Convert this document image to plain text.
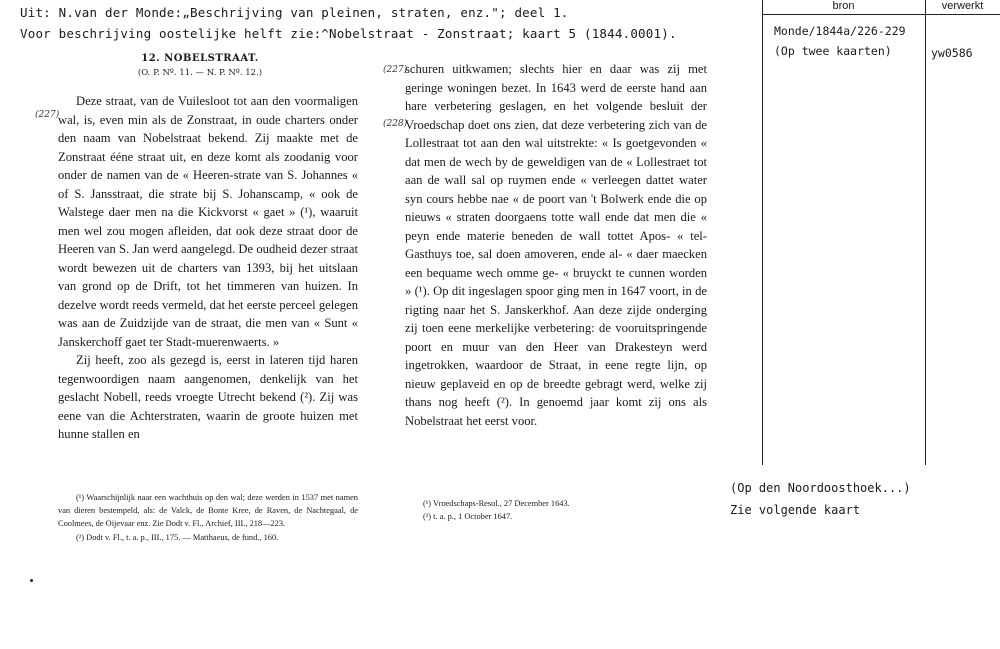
Uit: N.van der Monde:„Beschrijving van pleinen, straten, enz."; deel 1.
Voor beschrijving oostelijke helft zie:^Nobelstraat - Zonstraat; kaart 5 (1844.0001).
12. NOBELSTRAAT.
(O. P. Nº. 11. — N. P. Nº. 12.)
(227)
(227)
(228)

Deze straat, van de Vuilesloot tot aan den voormaligen wal, is, even min als de Zonstraat, in oude charters onder den naam van Nobelstraat bekend. Zij maakte met de Zonstraat ééne straat uit, en deze komt als zoodanig voor onder de namen van de « Heeren-strate van S. Johannes « of S. Jansstraat, die strate bij S. Johanscamp, « ook de Walstege daer men na die Kickvorst « gaet » (¹), waaruit men wel zou mogen afleiden, dat ook deze straat door de Heeren van S. Jan werd aangelegd. De oudheid dezer straat wordt bewezen uit de charters van 1393, bij het uitslaan van grond op de Drift, tot het timmeren van huizen. In dezelve wordt reeds vermeld, dat het eerste perceel gelegen was aan de Zuidzijde van de straat, die men van « Sunt « Janskerchoff gaet ter Stadt-muerenwaerts. »

Zij heeft, zoo als gezegd is, eerst in lateren tijd haren tegenwoordigen naam aangenomen, denkelijk van het geslacht Nobell, reeds vroegte Utrecht bekend (²). Zij was eene van die Achterstraten, waarin de groote huizen met hunne stallen en

(¹) Waarschijnlijk naar een wachthuis op den wal; deze werden in 1537 met namen van dieren bestempeld, als: de Valck, de Bonte Kree, de Raven, de Nachtegaal, de Coolmees, de Oijevaar enz. Zie Dodt v. Fl., Archief, III., 218—223.

(²) Dodt v. Fl., t. a. p., III., 175. — Matthaeus, de fund., 160.

schuren uitkwamen; slechts hier en daar was zij met geringe woningen bezet. In 1643 werd de eerste hand aan hare verbetering geslagen, en het volgende besluit der Vroedschap doet ons zien, dat deze verbetering zich van de Lollestraat tot aan den wal uitstrekte: « Is goetgevonden « dat men de wech by de geweldigen van de « Lollestraet tot aan de wall sal op ruymen ende « verleegen dattet water syn cours hebbe nae « de poort van 't Bolwerk ende die op nieuws « straten doorgaens totte wall ende dat men die « peyn ende materie beneden de wall tottet Apos- « tel-Gasthuys toe, sal doen amoveren, ende al- « daer maecken een bequame wech omme ge- « bruyckt te cunnen worden » (¹). Op dit ingeslagen spoor ging men in 1647 voort, in de rigting naar het S. Janskerkhof. Aan deze zijde onderging zij toen eene merkelijke verbetering: de vooruitspringende poort en muur van den Heer van Drakesteyn werd ingetrokken, waardoor de Straat, in eene regte lijn, op nieuw geplaveid en op de breedte gebragt werd, welke zij thans nog heeft (²). In genoemd jaar komt zij ons als Nobelstraat het eerst voor.

(¹) Vroedschaps-Resol., 27 December 1643.

(²) t. a. p., 1 October 1647.

bron	verwerkt
Monde/1844a/226-229
(Op twee kaarten)	yw0586
(Op den Noordoosthoek...)
Zie volgende kaart
